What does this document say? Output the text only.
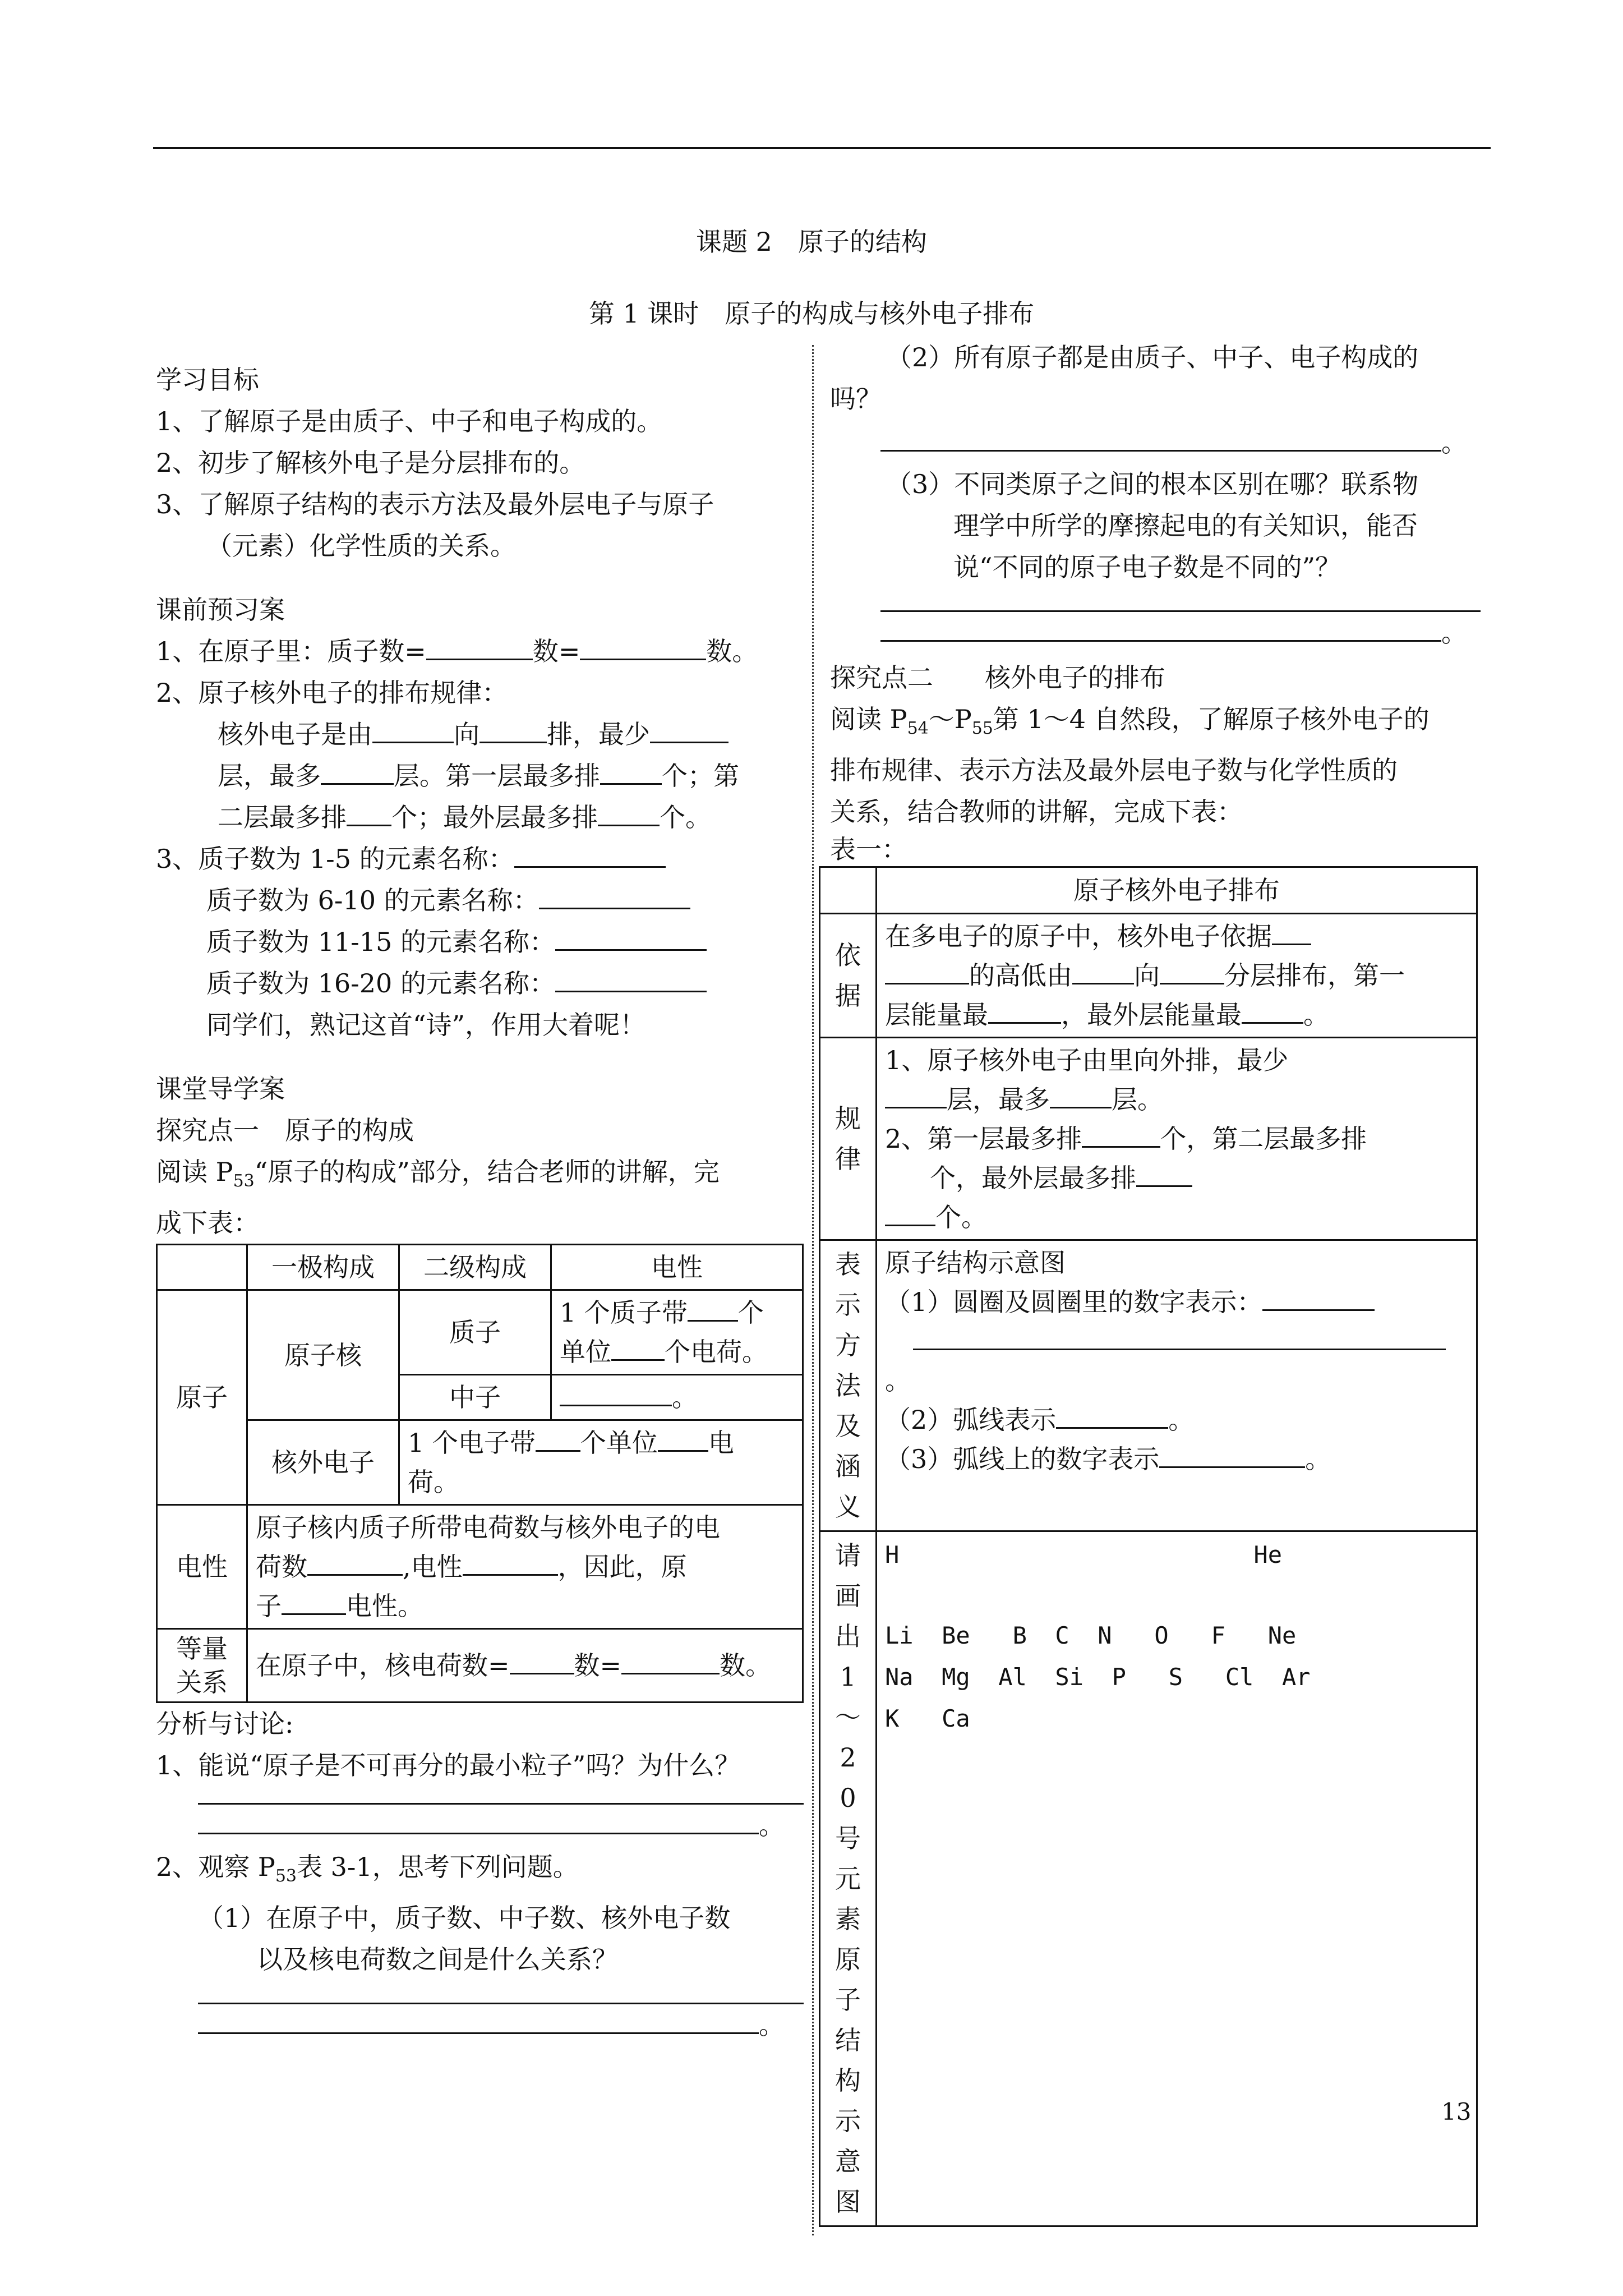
课题 2　原子的结构
第 1 课时　原子的构成与核外电子排布

学习目标

1、了解原子是由质子、中子和电子构成的。

2、初步了解核外电子是分层排布的。

3、了解原子结构的表示方法及最外层电子与原子

（元素）化学性质的关系。

课前预习案

1、在原子里：质子数=	数=	数。

2、原子核外电子的排布规律：

核外电子是由	向	排，最少

层，最多	层。第一层最多排 个；第

二层最多排 个；最外层最多排 个。

3、质子数为 1-5 的元素名称：

质子数为 6-10 的元素名称：

质子数为 11-15 的元素名称：

质子数为 16-20 的元素名称：

同学们，熟记这首“诗”，作用大着呢！

课堂导学案

探究点一　原子的构成

阅读 $P_{53}“$原子的构成”部分，结合老师的讲解，完

成下表：

	一极构成	二级构成	电性
原子	原子核	质子	1 个质子带 个
单位 个电荷。
		中子	。
	核外电子	1 个电子带 个单位 电
荷。	
电性	原子核内质子所带电荷数与核外电子的电
荷数 ,电性 ，因此，原
子 电性。		
等量
关系	在原子中，核电荷数= 数= 数。		

分析与讨论:

1、能说“原子是不可再分的最小粒子”吗？为什么？

。

2、观察 $P_{53}$表 3-1，思考下列问题。

（1）在原子中，质子数、中子数、核外电子数

以及核电荷数之间是什么关系？

。

（2）所有原子都是由质子、中子、电子构成的

吗？

。

（3）不同类原子之间的根本区别在哪？联系物

理学中所学的摩擦起电的有关知识，能否

说“不同的原子电子数是不同的”？

。

探究点二　　核外电子的排布

阅读 $P_{54}\sim P_{55}$第 1～4 自然段，了解原子核外电子的

排布规律、表示方法及最外层电子数与化学性质的

关系，结合教师的讲解，完成下表：

表一：

	原子核外电子排布
依据	在多电子的原子中，核外电子依据
的高低由 向 分层排布，第一
层能量最 ，最外层能量最 。
规律	1、原子核外电子由里向外排，最少
层，最多 层。
2、第一层最多排 个，第二层最多排
个，最外层最多排
个。
表示方法及涵义	原子结构示意图
（1）圆圈及圆圈里的数字表示：
。
（2）弧线表示 。
（3）弧线上的数字表示 。
请画出1～20号元素原子结构示意图	H                         He
Li  Be   B  C  N   O   F   Ne
Na  Mg  Al  Si  P   S   Cl  Ar
K   Ca
13
